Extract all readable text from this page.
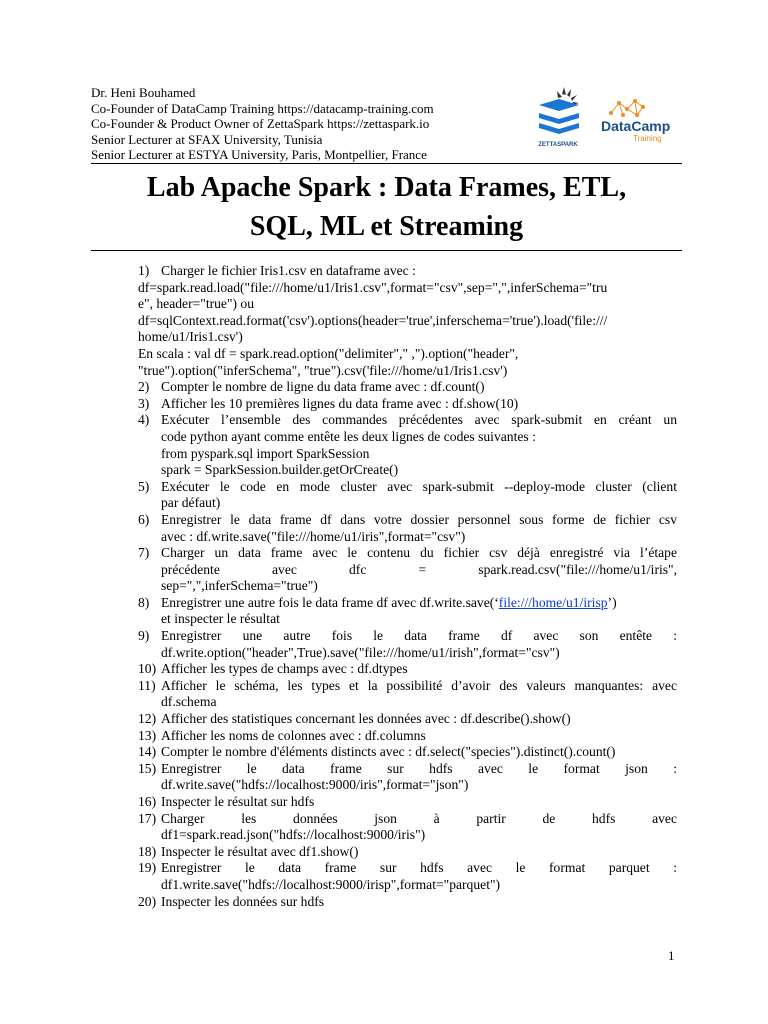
Dr. Heni Bouhamed
Co-Founder of DataCamp Training https://datacamp-training.com
Co-Founder & Product Owner of ZettaSpark https://zettaspark.io
Senior Lecturer at SFAX University, Tunisia
Senior Lecturer at ESTYA University, Paris, Montpellier, France
ZETTASPARK
DataCamp
Training
Lab Apache Spark : Data Frames, ETL,
SQL, ML et Streaming
1) Charger le fichier Iris1.csv en dataframe avec :
df=spark.read.load("file:///home/u1/Iris1.csv",format="csv",sep=",",inferSchema="tru
e", header="true") ou
df=sqlContext.read.format('csv').options(header='true',inferschema='true').load('file:///
home/u1/Iris1.csv')
En scala : val df = spark.read.option("delimiter"," ,").option("header",
"true").option("inferSchema", "true").csv('file:///home/u1/Iris1.csv')
2) Compter le nombre de ligne du data frame avec : df.count()
3) Afficher les 10 premières lignes du data frame avec : df.show(10)
4) Exécuter l’ensemble des commandes précédentes avec spark-submit en créant un
code python ayant comme entête les deux lignes de codes suivantes :
from pyspark.sql import SparkSession
spark = SparkSession.builder.getOrCreate()
5) Exécuter le code en mode cluster avec spark-submit --deploy-mode cluster (client
par défaut)
6) Enregistrer le data frame df dans votre dossier personnel sous forme de fichier csv
avec : df.write.save("file:///home/u1/iris",format="csv")
7) Charger un data frame avec le contenu du fichier csv déjà enregistré via l’étape
précédente avec dfc = spark.read.csv("file:///home/u1/iris",
sep=",",inferSchema="true")
8) Enregistrer une autre fois le data frame df avec df.write.save(‘file:///home/u1/irisp’)
et inspecter le résultat
9) Enregistrer une autre fois le data frame df avec son entête :
df.write.option("header",True).save("file:///home/u1/irish",format="csv")
10) Afficher les types de champs avec : df.dtypes
11) Afficher le schéma, les types et la possibilité d’avoir des valeurs manquantes: avec
df.schema
12) Afficher des statistiques concernant les données avec : df.describe().show()
13) Afficher les noms de colonnes avec : df.columns
14) Compter le nombre d'éléments distincts avec : df.select("species").distinct().count()
15) Enregistrer le data frame sur hdfs avec le format json :
df.write.save("hdfs://localhost:9000/iris",format="json")
16) Inspecter le résultat sur hdfs
17) Charger les données json à partir de hdfs avec
df1=spark.read.json("hdfs://localhost:9000/iris")
18) Inspecter le résultat avec df1.show()
19) Enregistrer le data frame sur hdfs avec le format parquet :
df1.write.save("hdfs://localhost:9000/irisp",format="parquet")
20) Inspecter les données sur hdfs
1
